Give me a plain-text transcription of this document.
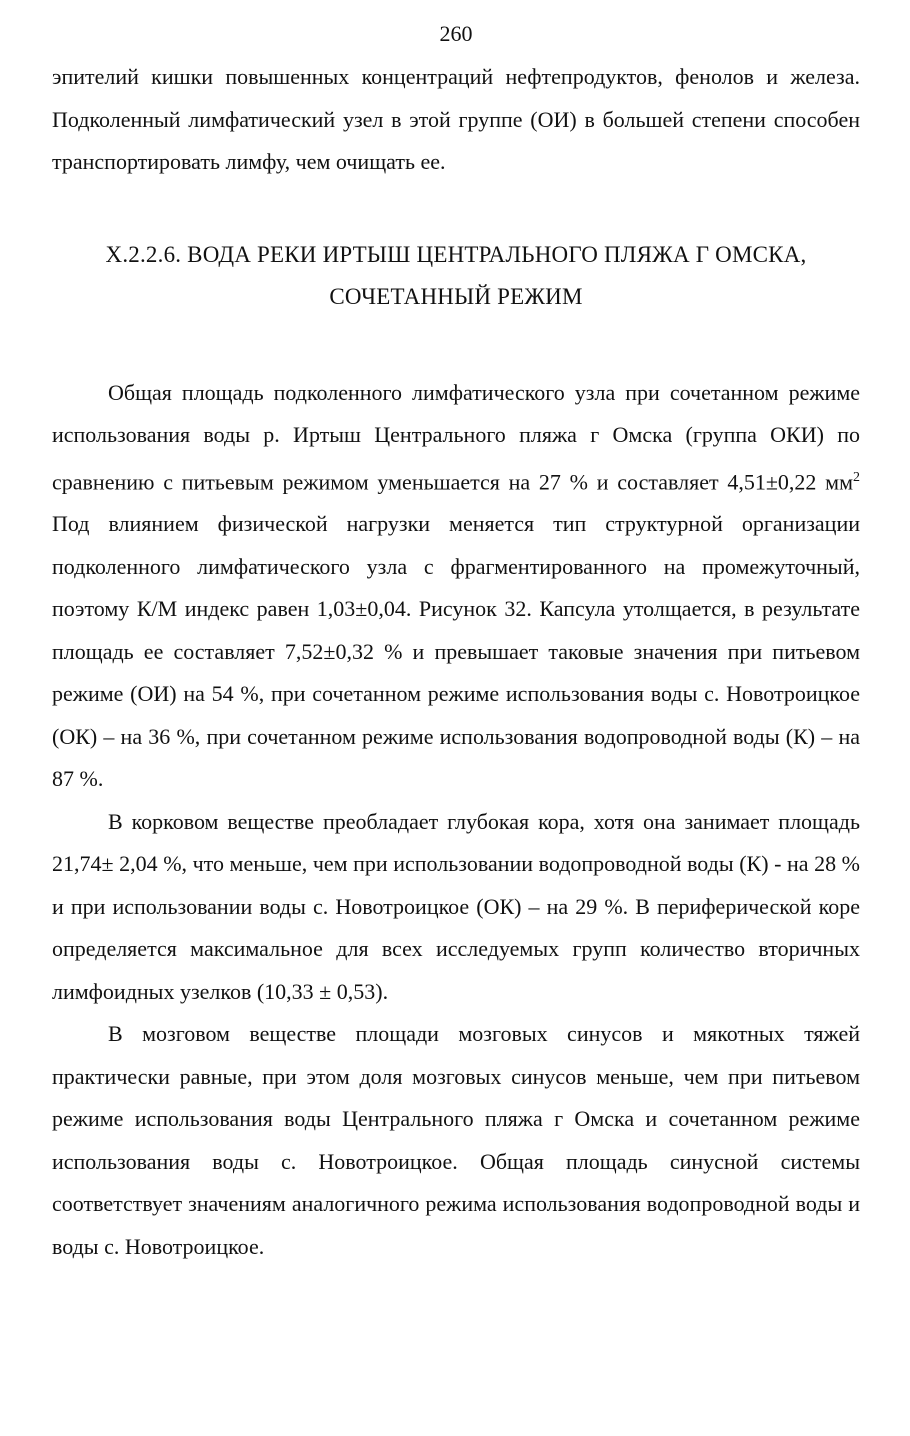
260

эпителий кишки повышенных концентраций нефтепродуктов, фенолов и железа. Подколенный лимфатический узел в этой группе (ОИ) в большей степени способен транспортировать лимфу, чем очищать ее.

X.2.2.6. ВОДА РЕКИ ИРТЫШ ЦЕНТРАЛЬНОГО ПЛЯЖА Г ОМСКА,
СОЧЕТАННЫЙ РЕЖИМ

Общая площадь подколенного лимфатического узла при сочетанном режиме использования воды р. Иртыш Центрального пляжа г Омска (группа ОКИ) по сравнению с питьевым режимом уменьшается на 27 % и составляет 4,51±0,22 $мм^2$ Под влиянием физической нагрузки меняется тип структурной организации подколенного лимфатического узла с фрагментированного на промежуточный, поэтому К/М индекс равен 1,03±0,04. Рисунок 32. Капсула утолщается, в результате площадь ее составляет 7,52±0,32 % и превышает таковые значения при питьевом режиме (ОИ) на 54 %, при сочетанном режиме использования воды с. Новотроицкое (ОК) – на 36 %, при сочетанном режиме использования водопроводной воды (К) – на 87 %.

В корковом веществе преобладает глубокая кора, хотя она занимает площадь 21,74± 2,04 %, что меньше, чем при использовании водопроводной воды (К) - на 28 % и при использовании воды с. Новотроицкое (ОК) – на 29 %. В периферической коре определяется максимальное для всех исследуемых групп количество вторичных лимфоидных узелков (10,33 ± 0,53).

В мозговом веществе площади мозговых синусов и мякотных тяжей практически равные, при этом доля мозговых синусов меньше, чем при питьевом режиме использования воды Центрального пляжа г Омска и сочетанном режиме использования воды с. Новотроицкое. Общая площадь синусной системы соответствует значениям аналогичного режима использования водопроводной воды и воды с. Новотроицкое.
